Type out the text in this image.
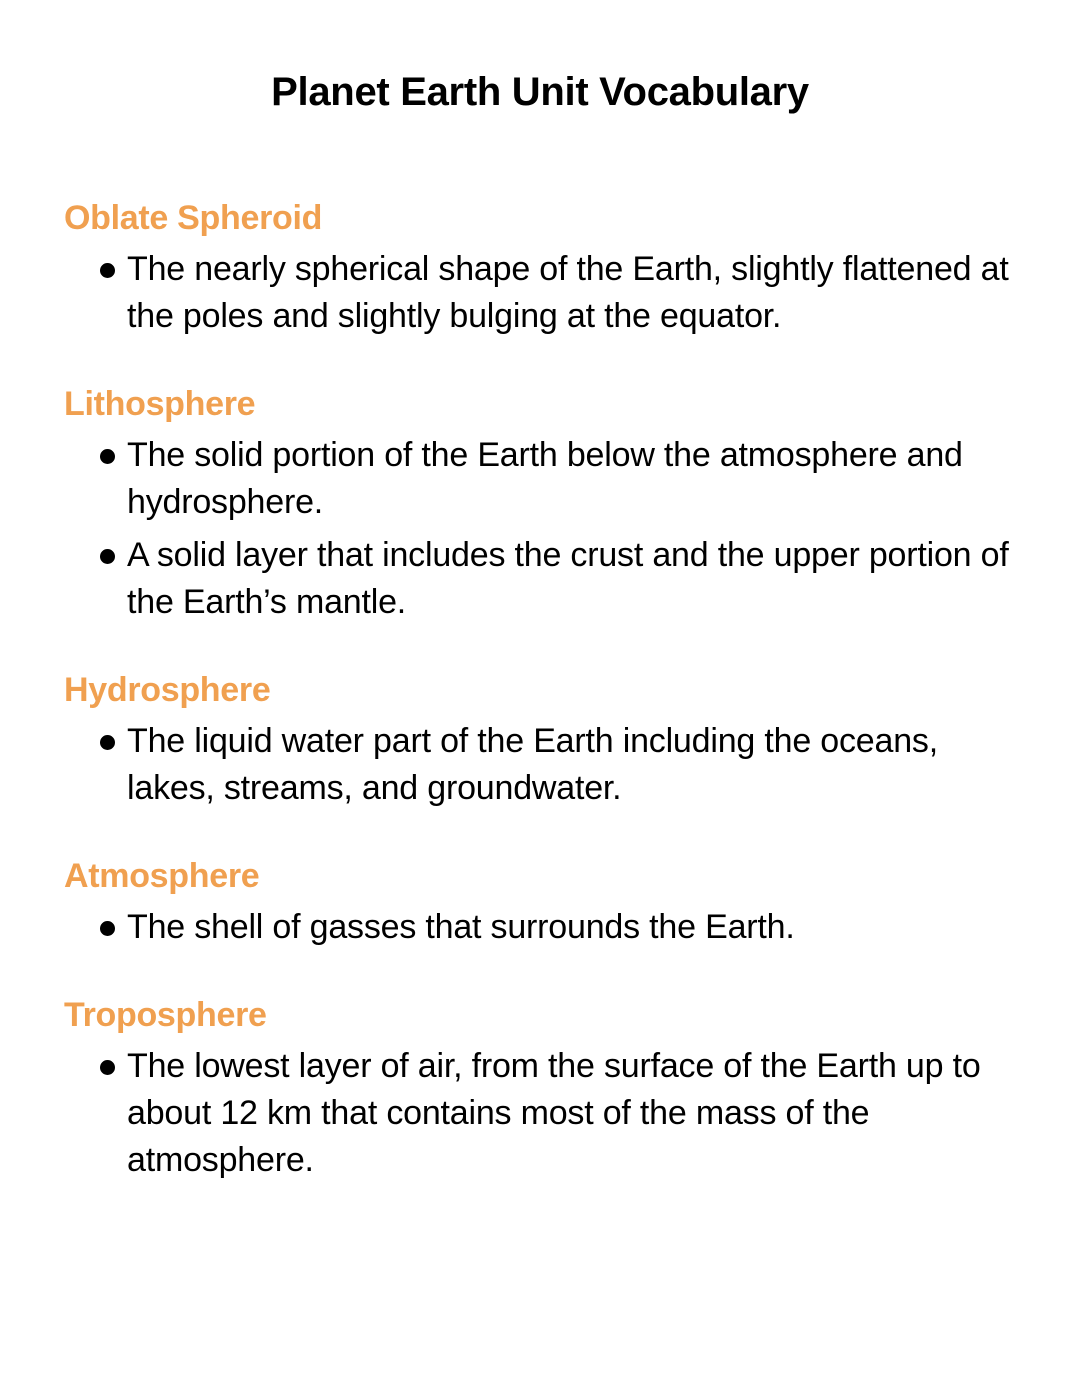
Planet Earth Unit Vocabulary
Oblate Spheroid
The nearly spherical shape of the Earth, slightly flattened at the poles and slightly bulging at the equator.
Lithosphere
The solid portion of the Earth below the atmosphere and hydrosphere.
A solid layer that includes the crust and the upper portion of the Earth’s mantle.
Hydrosphere
The liquid water part of the Earth including the oceans, lakes, streams, and groundwater.
Atmosphere
The shell of gasses that surrounds the Earth.
Troposphere
The lowest layer of air, from the surface of the Earth up to about 12 km that contains most of the mass of the atmosphere.
